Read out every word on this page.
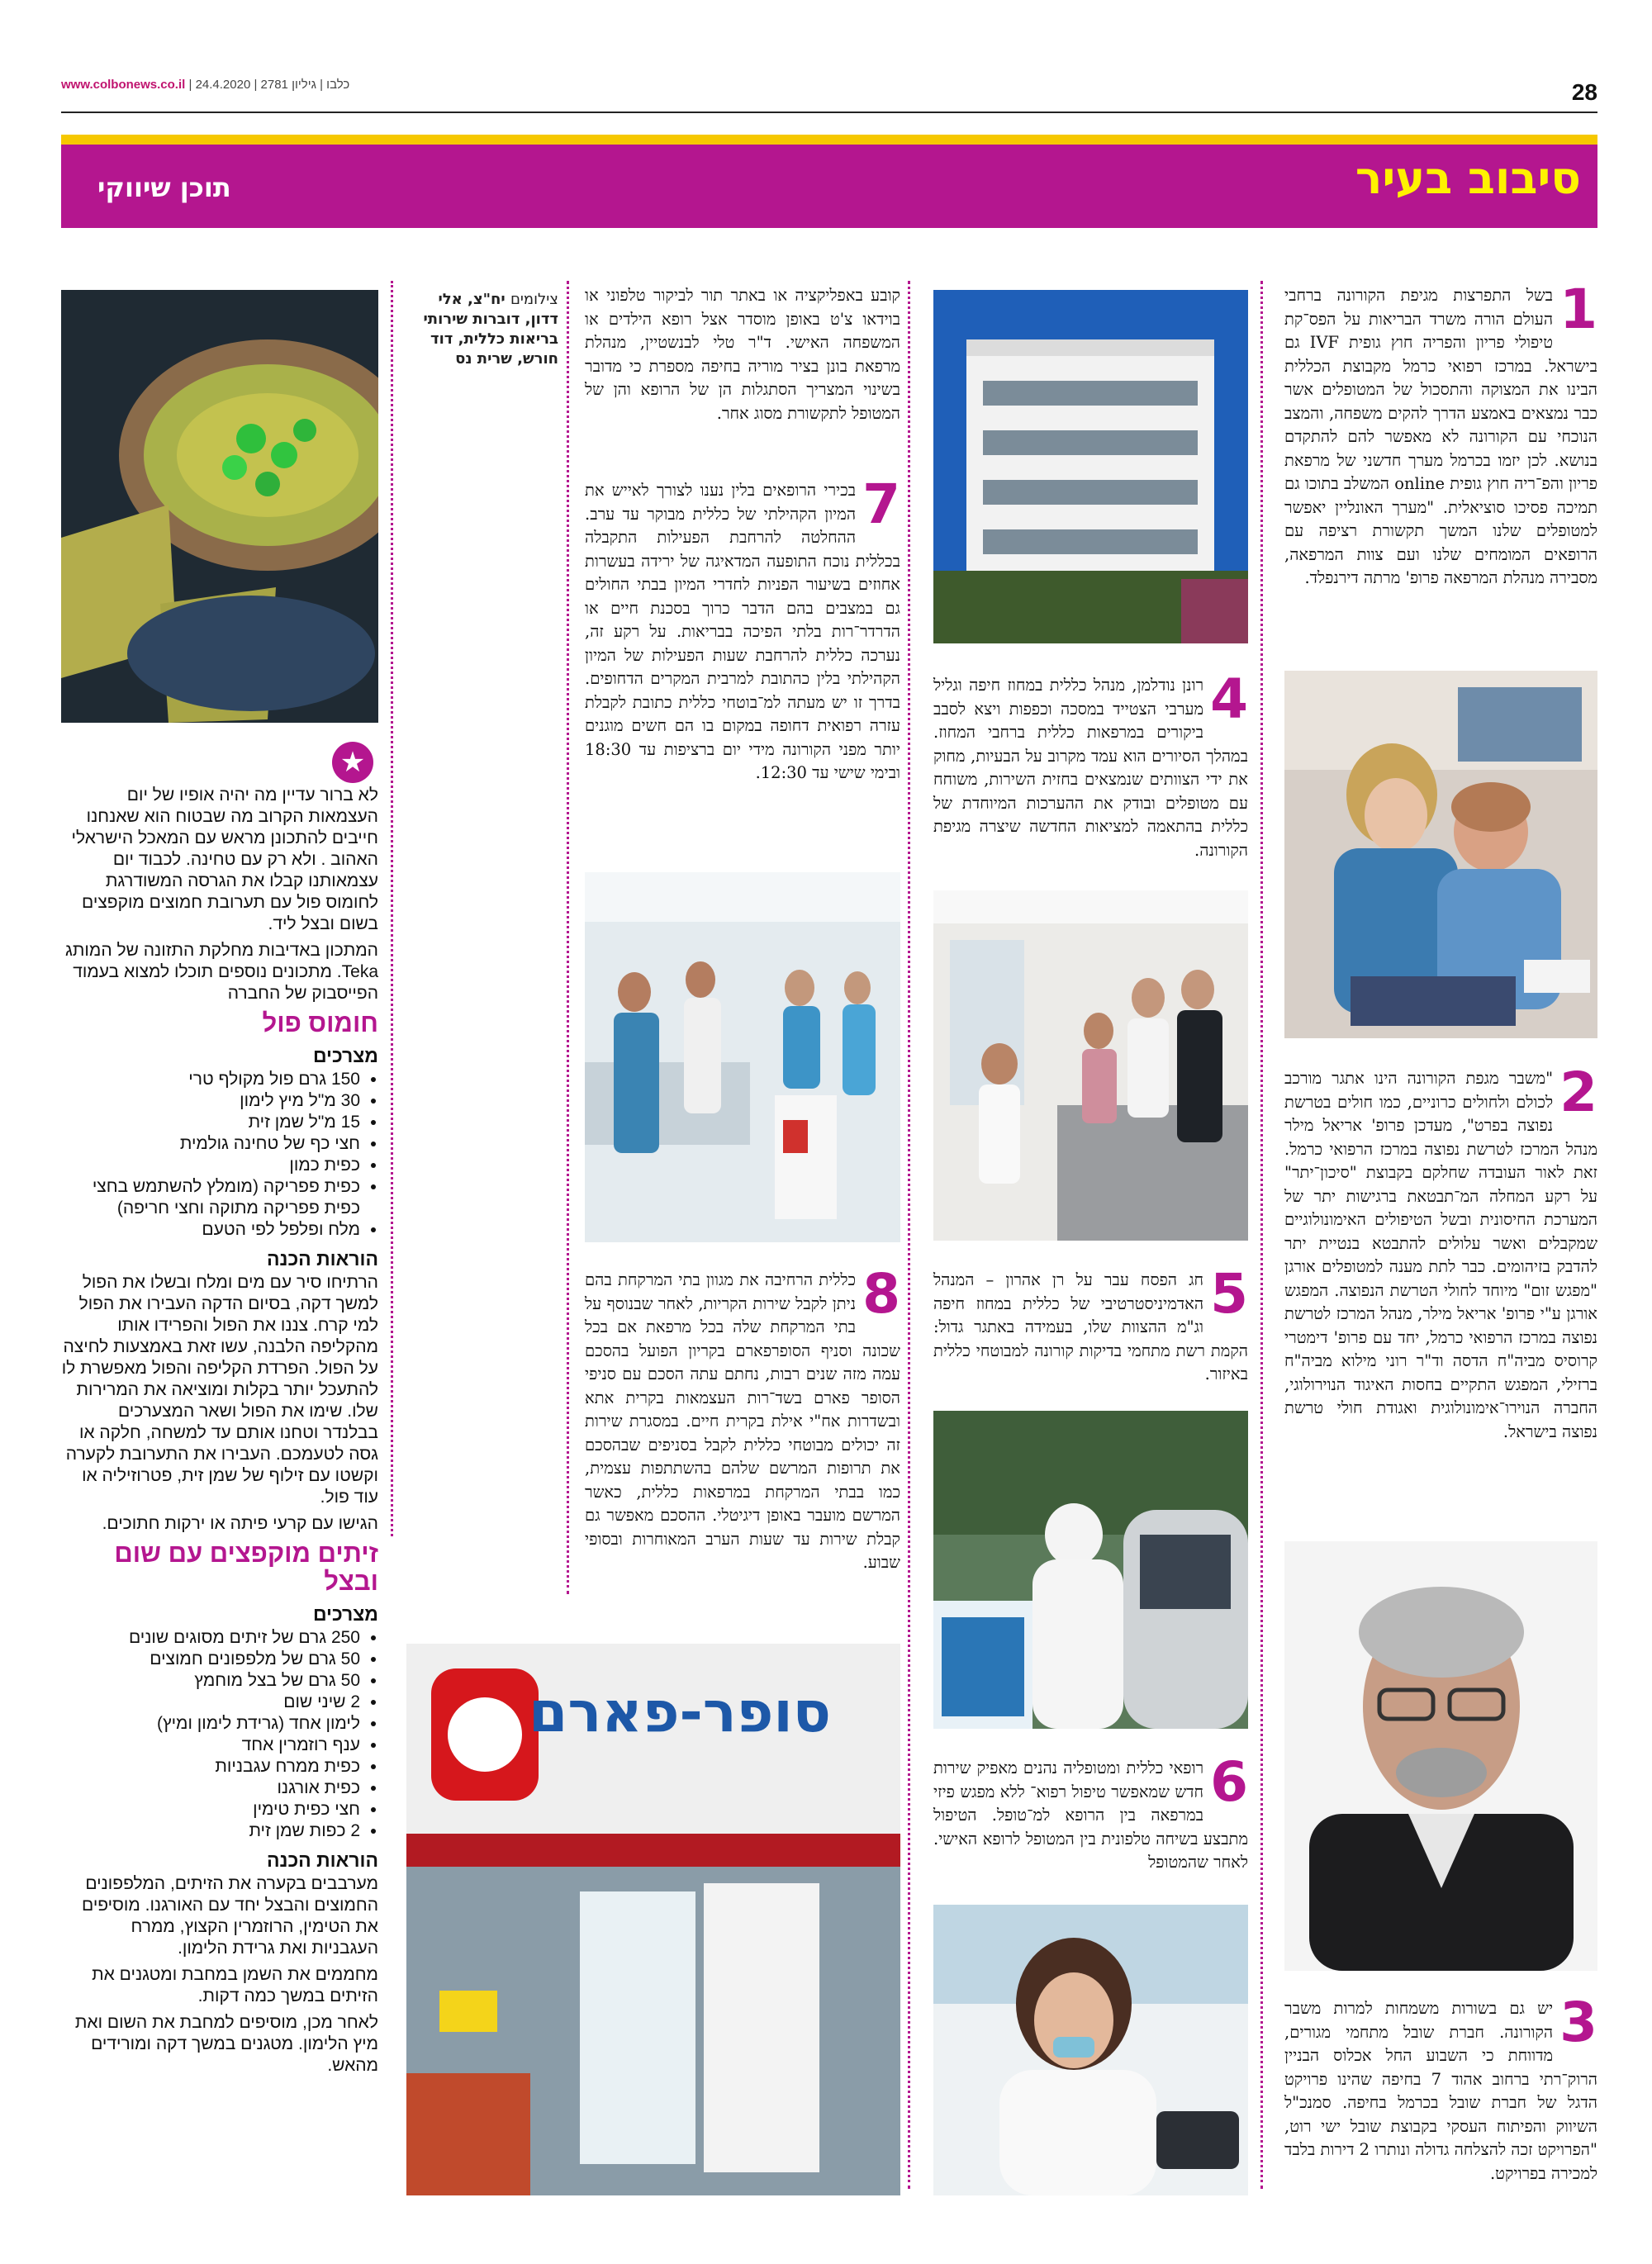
www.colbonews.co.il | כלבו | גיליון 2781 | 24.4.2020	28
סיבוב בעיר
תוכן שיווקי

1
בשל התפרצות מגיפת הקורונה ברחבי העולם הורה משרד הבריאות על הפס־קת טיפולי פריון והפריה חוץ גופית IVF גם בישראל. במרכז רפואי כרמל מקבוצת הכללית הבינו את המצוקה והתסכול של המטופלים אשר כבר נמצאים באמצע הדרך להקים משפחה, והמצב הנוכחי עם הקורונה לא מאפשר להם להתקדם בנושא. לכן יזמו בכרמל מערך חדשני של מרפאת פריון והפ־ריה חוץ גופית online המשלב בתוכו גם תמיכה פסיכו סוציאלית. "מערך האונליין יאפשר למטופלים שלנו המשך תקשורת רציפה עם הרופאים המומחים שלנו ועם צוות המרפאה, מסבירה מנהלת המרפאה פרופ' מרתה דירנפלד.

2
"משבר מגפת הקורונה הינו אתגר מורכב לכולם ולחולים כרוניים, כמו חולים בטרשת נפוצה בפרט", מעדכן פרופ' אריאל מילר מנהל המרכז לטרשת נפוצה במרכז הרפואי כרמל. זאת לאור העובדה שחלקם בקבוצת "סיכון־יתר" על רקע המחלה המ־תבטאת ברגישות יתר של המערכת החיסונית ובשל הטיפולים האימונולוגיים שמקבלים ואשר עלולים להתבטא בנטיית יתר להדבק בזיהומים. כבר לתת מענה למטופלים אורגן "מפגש זום" מיוחד לחולי הטרשת הנפוצה. המפגש אורגן ע"י פרופ' אריאל מילר, מנהל המרכז לטרשת נפוצה במרכז הרפואי כרמל, יחד עם פרופ' דימטרי קרוסיס מביה"ח הדסה וד"ר רוני מילוא מביה"ח ברזילי, המפגש התקיים בחסות האיגוד הנוירולוגי, החברה הנוירו־אימונולוגית ואגודת חולי טרשת נפוצה בישראל.

3
יש גם בשורות משמחות למרות משבר הקורונה. חברת שובל מתחמי מגורים, מדווחת כי השבוע החל אכלוס הבניין הרוק־רתי ברחוב אהוד 7 בחיפה שהינו פרויקט הדגל של חברת שובל בכרמל בחיפה. סמנכ"ל השיווק והפיתוח העסקי בקבוצת שובל ישי רוט, "הפרויקט זכה להצלחה גדולה ונותרו 2 דירות בלבד למכירה בפרויקט.

4
רונן נודלמן, מנהל כללית במחוז חיפה וגליל מערבי הצטייד במסכה וכפפות ויצא לסבב ביקורים במרפאות כללית ברחבי המחוז. במהלך הסיורים הוא עמד מקרוב על הבעיות, מחוק את ידי הצוותים שנמצאים בחזית השירות, משוחח עם מטופלים ובודק את ההערכות המיוחדת של כללית בהתאמה למציאות החדשה שיצרה מגיפת הקורונה.

5
חג הפסח עבר על רן אהרון – המנהל האדמיניסטרטיבי של כללית במחוז חיפה וג"מ ההצוות שלו, בעמידה באתגר גדול: הקמת רשת מתחמי בדיקות קורונה למבוטחי כללית באיזור.

6
רופאי כללית ומטופליה נהנים מאפיק שירות חדש שמאפשר טיפול רפוא־ ללא מפגש פיזי במרפאה בין הרופא למ־טופל. הטיפול מתבצע בשיחה טלפונית בין המטופל לרופא האישי. לאחר שהמטופל

קובע באפליקציה או באתר תור לביקור טלפוני או בוידאו צ'ט באופן מוסדר אצל רופא הילדים או המשפחה האישי. ד"ר טלי לבנשטיין, מנהלת מרפאת בונן בציר מוריה בחיפה מספרת כי מדובר בשינוי המצריך הסתגלות הן של הרופא והן של המטופל לתקשורת מסוג אחר.

7
בכירי הרופאים בלין נענו לצורך לאייש את המיון הקהילתי של כללית מבוקר עד ערב. ההחלטה להרחבת הפעילות התקבלה בכללית נוכח התופעה המדאיגה של ירידה בעשרות אחוזים בשיעור הפניות לחדרי המיון בבתי החולים גם במצבים בהם הדבר כרוך בסכנת חיים או הדרדר־רות בלתי הפיכה בבריאות. על רקע זה, נערכה כללית להרחבת שעות הפעילות של המיון הקהילתי בלין כהתובת למרבית המקרים הדחופים. בדרך זו יש מעתה למ־בוטחי כללית כתובת לקבלת עזרה רפואית דחופה במקום בו הם חשים מוגנים יותר מפני הקורונה מידי יום ברציפות עד 18:30 ובימי שישי עד 12:30.

8
כללית הרחיבה את מגוון בתי המרקחת בהם ניתן לקבל שירות הקריות, לאחר שבנוסף על בתי המרקחת שלה בכל מרפאת אם בכל שכונה וסניף הסופרפארם בקריון הפועל בהסכם עמה מזה שנים רבות, נחתם עתה הסכם עם סניפי הסופר פארם בשד־רות העצמאות בקרית אתא ובשדרות אח"י אילת בקרית חיים. במסגרת שירות זה יכולים מבוטחי כללית לקבל בסניפים שבהסכם את תרופות המרשם שלהם בהשתתפות עצמית, כמו בבתי המרקחת במרפאות כללית, כאשר המרשם מועבר באופן דיגיטלי. ההסכם מאפשר גם קבלת שירות עד שעות הערב המאוחרות ובסופי שבוע.

צילומים יח"צ, אלי דדון, דוברות שירותי בריאות כללית, דוד חורש, שרית נס
סופר-פארם
★

לא ברור עדיין מה יהיה אופיו של יום העצמאות הקרוב מה שבטוח הוא שאנחנו חייבים להתכונן מראש עם המאכל הישראלי האהוב . ולא רק עם טחינה. לכבוד יום עצמאותנו קבלו את הגרסה המשודרגת לחומוס פול עם תערובת חמוצים מוקפצים בשום ובצל ליד.

המתכון באדיבות מחלקת התזונה של המותג Teka. מתכונים נוספים תוכלו למצוא בעמוד הפייסבוק של החברה

חומוס פול
מצרכים
• 150 גרם פול מקולף טרי
• 30 מ"ל מיץ לימון
• 15 מ"ל שמן זית
• חצי כף של טחינה גולמית
• כפית כמון
• כפית פפריקה (מומלץ להשתמש בחצי כפית פפריקה מתוקה וחצי חריפה)
• מלח ופלפל לפי הטעם
הוראות הכנה

הרתיחו סיר עם מים ומלח ובשלו את הפול למשך דקה, בסיום הדקה העבירו את הפול למי קרח. צננו את הפול והפרידו אותו מהקליפה הלבנה, עשו זאת באמצעות לחיצה על הפול. הפרדת הקליפה והפול מאפשרת לו להתעכל יותר בקלות ומוציאה את המרירות שלו. שימו את הפול ושאר המצערכים בבלנדר וטחנו אותם עד למשחה, חלקה או גסה לטעמכם. העבירו את התערובת לקערה וקשטו עם זילוף של שמן זית, פטרוזיליה או עוד פול.

הגישו עם קרעי פיתה או ירקות חתוכים.

זיתים מוקפצים עם שום ובצל
מצרכים
• 250 גרם של זיתים מסוגים שונים
• 50 גרם של מלפפונים חמוצים
• 50 גרם של בצל מוחמץ
• 2 שיני שום
• לימון אחד (גרידת לימון ומיץ)
• ענף רוזמרין אחד
• כפית ממרח עגבניות
• כפית אורגנו
• חצי כפית טימין
• 2 כפות שמן זית
הוראות הכנה

מערבבים בקערה את הזיתים, המלפפונים החמוצים והבצל יחד עם האורגנו. מוסיפים את הטימין, הרוזמרין הקצוץ, ממרח העגבניות ואת גרידת הלימון.

מחממים את השמן במחבת ומטגנים את הזיתים במשך כמה דקות.

לאחר מכן, מוסיפים למחבת את השום ואת מיץ הלימון. מטגנים במשך דקה ומורידים מהאש.
